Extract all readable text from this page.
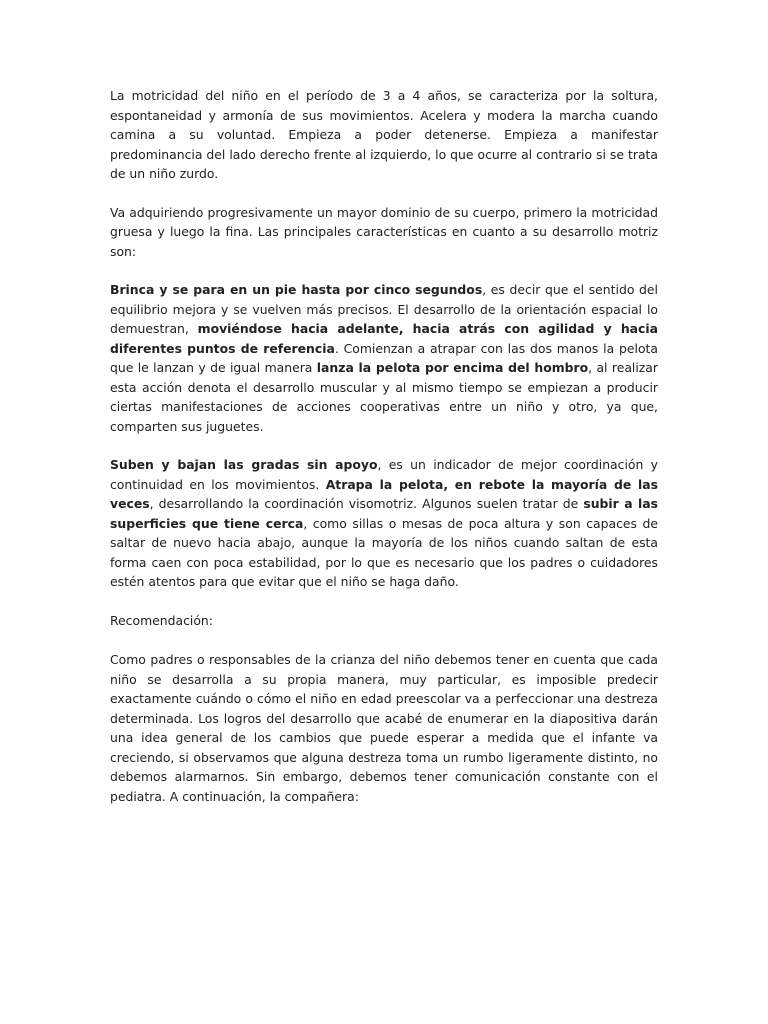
La motricidad del niño en el período de 3 a 4 años, se caracteriza por la soltura, espontaneidad y armonía de sus movimientos. Acelera y modera la marcha cuando camina a su voluntad. Empieza a poder detenerse. Empieza a manifestar predominancia del lado derecho frente al izquierdo, lo que ocurre al contrario si se trata de un niño zurdo.

Va adquiriendo progresivamente un mayor dominio de su cuerpo, primero la motricidad gruesa y luego la fina. Las principales características en cuanto a su desarrollo motriz son:

Brinca y se para en un pie hasta por cinco segundos, es decir que el sentido del equilibrio mejora y se vuelven más precisos. El desarrollo de la orientación espacial lo demuestran, moviéndose hacia adelante, hacia atrás con agilidad y hacia diferentes puntos de referencia. Comienzan a atrapar con las dos manos la pelota que le lanzan y de igual manera lanza la pelota por encima del hombro, al realizar esta acción denota el desarrollo muscular y al mismo tiempo se empiezan a producir ciertas manifestaciones de acciones cooperativas entre un niño y otro, ya que, comparten sus juguetes.

Suben y bajan las gradas sin apoyo, es un indicador de mejor coordinación y continuidad en los movimientos. Atrapa la pelota, en rebote la mayoría de las veces, desarrollando la coordinación visomotriz. Algunos suelen tratar de subir a las superficies que tiene cerca, como sillas o mesas de poca altura y son capaces de saltar de nuevo hacia abajo, aunque la mayoría de los niños cuando saltan de esta forma caen con poca estabilidad, por lo que es necesario que los padres o cuidadores estén atentos para que evitar que el niño se haga daño.

Recomendación:

Como padres o responsables de la crianza del niño debemos tener en cuenta que cada niño se desarrolla a su propia manera, muy particular, es imposible predecir exactamente cuándo o cómo el niño en edad preescolar va a perfeccionar una destreza determinada. Los logros del desarrollo que acabé de enumerar en la diapositiva darán una idea general de los cambios que puede esperar a medida que el infante va creciendo, si observamos que alguna destreza toma un rumbo ligeramente distinto, no debemos alarmarnos. Sin embargo, debemos tener comunicación constante con el pediatra. A continuación, la compañera:
